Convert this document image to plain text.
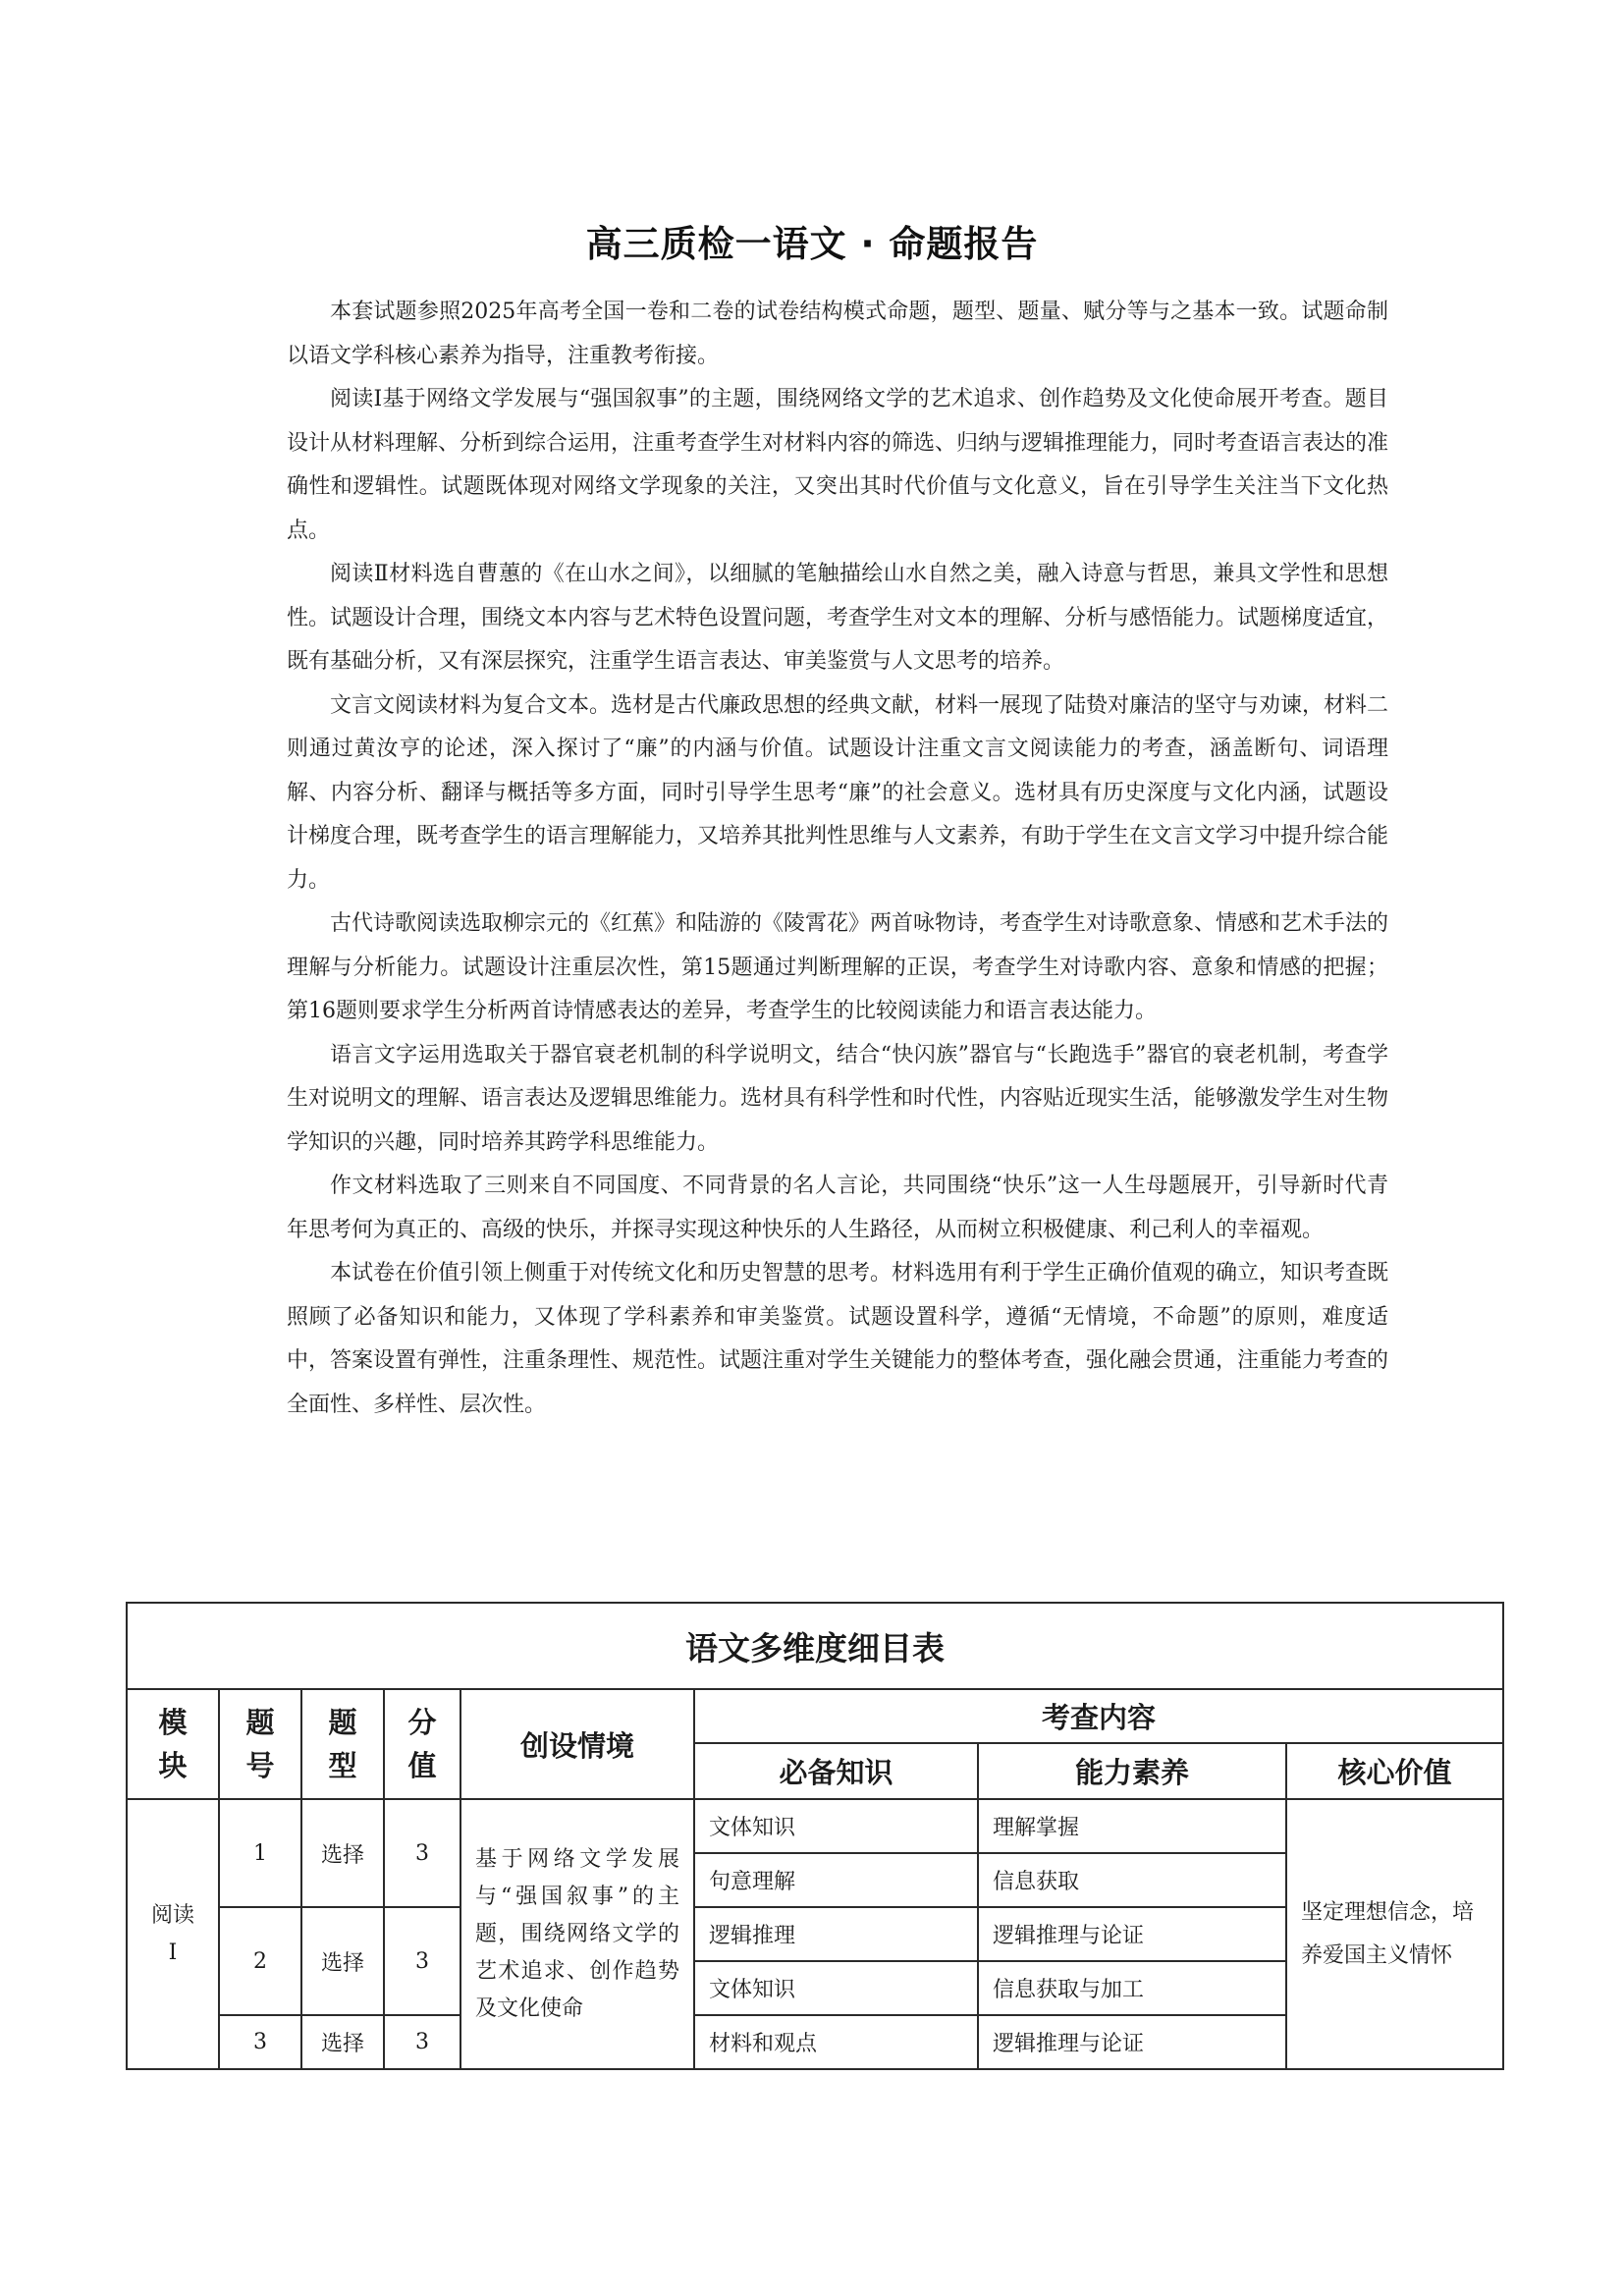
高三质检一语文 · 命题报告

本套试题参照2025年高考全国一卷和二卷的试卷结构模式命题，题型、题量、赋分等与之基本一致。试题命制以语文学科核心素养为指导，注重教考衔接。

阅读Ⅰ基于网络文学发展与“强国叙事”的主题，围绕网络文学的艺术追求、创作趋势及文化使命展开考查。题目设计从材料理解、分析到综合运用，注重考查学生对材料内容的筛选、归纳与逻辑推理能力，同时考查语言表达的准确性和逻辑性。试题既体现对网络文学现象的关注，又突出其时代价值与文化意义，旨在引导学生关注当下文化热点。

阅读Ⅱ材料选自曹蕙的《在山水之间》，以细腻的笔触描绘山水自然之美，融入诗意与哲思，兼具文学性和思想性。试题设计合理，围绕文本内容与艺术特色设置问题，考查学生对文本的理解、分析与感悟能力。试题梯度适宜，既有基础分析，又有深层探究，注重学生语言表达、审美鉴赏与人文思考的培养。

文言文阅读材料为复合文本。选材是古代廉政思想的经典文献，材料一展现了陆贽对廉洁的坚守与劝谏，材料二则通过黄汝亨的论述，深入探讨了“廉”的内涵与价值。试题设计注重文言文阅读能力的考查，涵盖断句、词语理解、内容分析、翻译与概括等多方面，同时引导学生思考“廉”的社会意义。选材具有历史深度与文化内涵，试题设计梯度合理，既考查学生的语言理解能力，又培养其批判性思维与人文素养，有助于学生在文言文学习中提升综合能力。

古代诗歌阅读选取柳宗元的《红蕉》和陆游的《陵霄花》两首咏物诗，考查学生对诗歌意象、情感和艺术手法的理解与分析能力。试题设计注重层次性，第15题通过判断理解的正误，考查学生对诗歌内容、意象和情感的把握；第16题则要求学生分析两首诗情感表达的差异，考查学生的比较阅读能力和语言表达能力。

语言文字运用选取关于器官衰老机制的科学说明文，结合“快闪族”器官与“长跑选手”器官的衰老机制，考查学生对说明文的理解、语言表达及逻辑思维能力。选材具有科学性和时代性，内容贴近现实生活，能够激发学生对生物学知识的兴趣，同时培养其跨学科思维能力。

作文材料选取了三则来自不同国度、不同背景的名人言论，共同围绕“快乐”这一人生母题展开，引导新时代青年思考何为真正的、高级的快乐，并探寻实现这种快乐的人生路径，从而树立积极健康、利己利人的幸福观。

本试卷在价值引领上侧重于对传统文化和历史智慧的思考。材料选用有利于学生正确价值观的确立，知识考查既照顾了必备知识和能力，又体现了学科素养和审美鉴赏。试题设置科学，遵循“无情境，不命题”的原则，难度适中，答案设置有弹性，注重条理性、规范性。试题注重对学生关键能力的整体考查，强化融会贯通，注重能力考查的全面性、多样性、层次性。

语文多维度细目表							
模块	题号	题型	分值	创设情境	考查内容		
					必备知识	能力素养	核心价值
阅读Ⅰ	1	选择	3	基于网络文学发展与“强国叙事”的主题，围绕网络文学的艺术追求、创作趋势及文化使命	文体知识	理解掌握	坚定理想信念，培养爱国主义情怀
					句意理解	信息获取	
	2	选择	3		逻辑推理	逻辑推理与论证	
					文体知识	信息获取与加工	
	3	选择	3		材料和观点	逻辑推理与论证	
